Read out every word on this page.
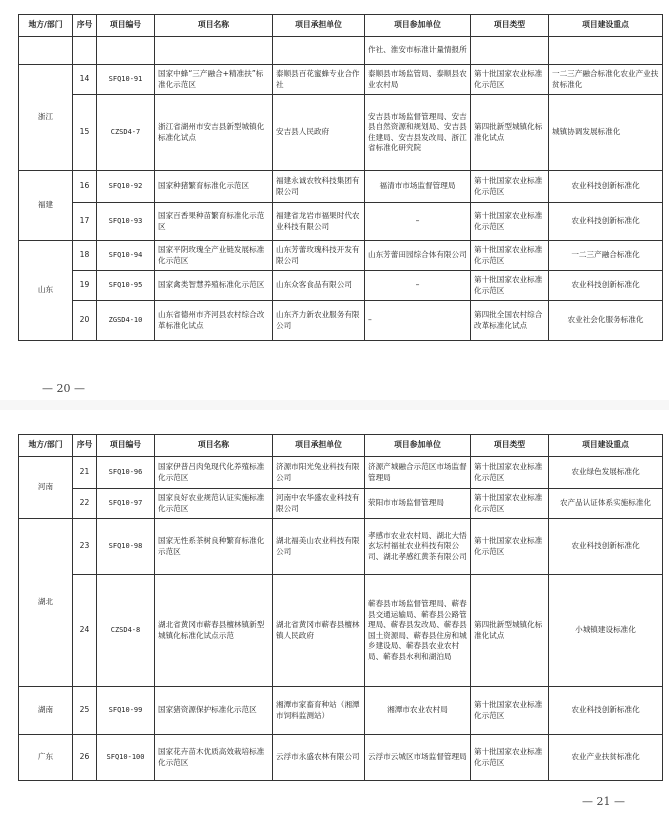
地方/部门	序号	项目编号	项目名称	项目承担单位	项目参加单位	项目类型	项目建设重点
					作社、淮安市标准计量情报所		
浙江	14	SFQ10-91	国家中蜂“三产融合+精准扶”标准化示范区	泰顺县百花蜜蜂专业合作社	泰顺县市场监管局、泰顺县农业农村局	第十批国家农业标准化示范区	一二三产融合标准化农业产业扶贫标准化
	15	CZSD4-7	浙江省湖州市安吉县新型城镇化标准化试点	安吉县人民政府	安吉县市场监督管理局、安吉县自然资源和规划局、安吉县住建局、安吉县发改局、浙江省标准化研究院	第四批新型城镇化标准化试点	城镇协调发展标准化
福建	16	SFQ10-92	国家种猪繁育标准化示范区	福建永诚农牧科技集团有限公司	福清市市场监督管理局	第十批国家农业标准化示范区	农业科技创新标准化
	17	SFQ10-93	国家百香果种苗繁育标准化示范区	福建省龙岩市福果时代农业科技有限公司	–	第十批国家农业标准化示范区	农业科技创新标准化
山东	18	SFQ10-94	国家平阴玫瑰全产业链发展标准化示范区	山东芳蕾玫瑰科技开发有限公司	山东芳蕾田园综合体有限公司	第十批国家农业标准化示范区	一二三产融合标准化
	19	SFQ10-95	国家禽类智慧养殖标准化示范区	山东众客食品有限公司	–	第十批国家农业标准化示范区	农业科技创新标准化
	20	ZGSD4-10	山东省德州市齐河县农村综合改革标准化试点	山东齐力新农业服务有限公司	–	第四批全国农村综合改革标准化试点	农业社会化服务标准化
— 20 —
地方/部门	序号	项目编号	项目名称	项目承担单位	项目参加单位	项目类型	项目建设重点
河南	21	SFQ10-96	国家伊普吕肉兔现代化养殖标准化示范区	济源市阳光兔业科技有限公司	济源产城融合示范区市场监督管理局	第十批国家农业标准化示范区	农业绿色发展标准化
	22	SFQ10-97	国家良好农业规范认证实施标准化示范区	河南中农华盛农业科技有限公司	荥阳市市场监督管理局	第十批国家农业标准化示范区	农产品认证体系实施标准化
湖北	23	SFQ10-98	国家无性系茶树良种繁育标准化示范区	湖北福美山农业科技有限公司	孝感市农业农村局、湖北大悟玄坛村福祉农业科技有限公司、湖北孝感红黄茶有限公司	第十批国家农业标准化示范区	农业科技创新标准化
	24	CZSD4-8	湖北省黄冈市蕲春县檀林镇新型城镇化标准化试点示范	湖北省黄冈市蕲春县檀林镇人民政府	蕲春县市场监督管理局、蕲春县交通运输局、蕲春县公路管理局、蕲春县发改局、蕲春县国土资源局、蕲春县住房和城乡建设局、蕲春县农业农村局、蕲春县水利和湖泊局	第四批新型城镇化标准化试点	小城镇建设标准化
湖南	25	SFQ10-99	国家猪资源保护标准化示范区	湘潭市家畜育种站（湘潭市饲料监测站）	湘潭市农业农村局	第十批国家农业标准化示范区	农业科技创新标准化
广东	26	SFQ10-100	国家花卉苗木优质高效栽培标准化示范区	云浮市永盛农林有限公司	云浮市云城区市场监督管理局	第十批国家农业标准化示范区	农业产业扶贫标准化
— 21 —
